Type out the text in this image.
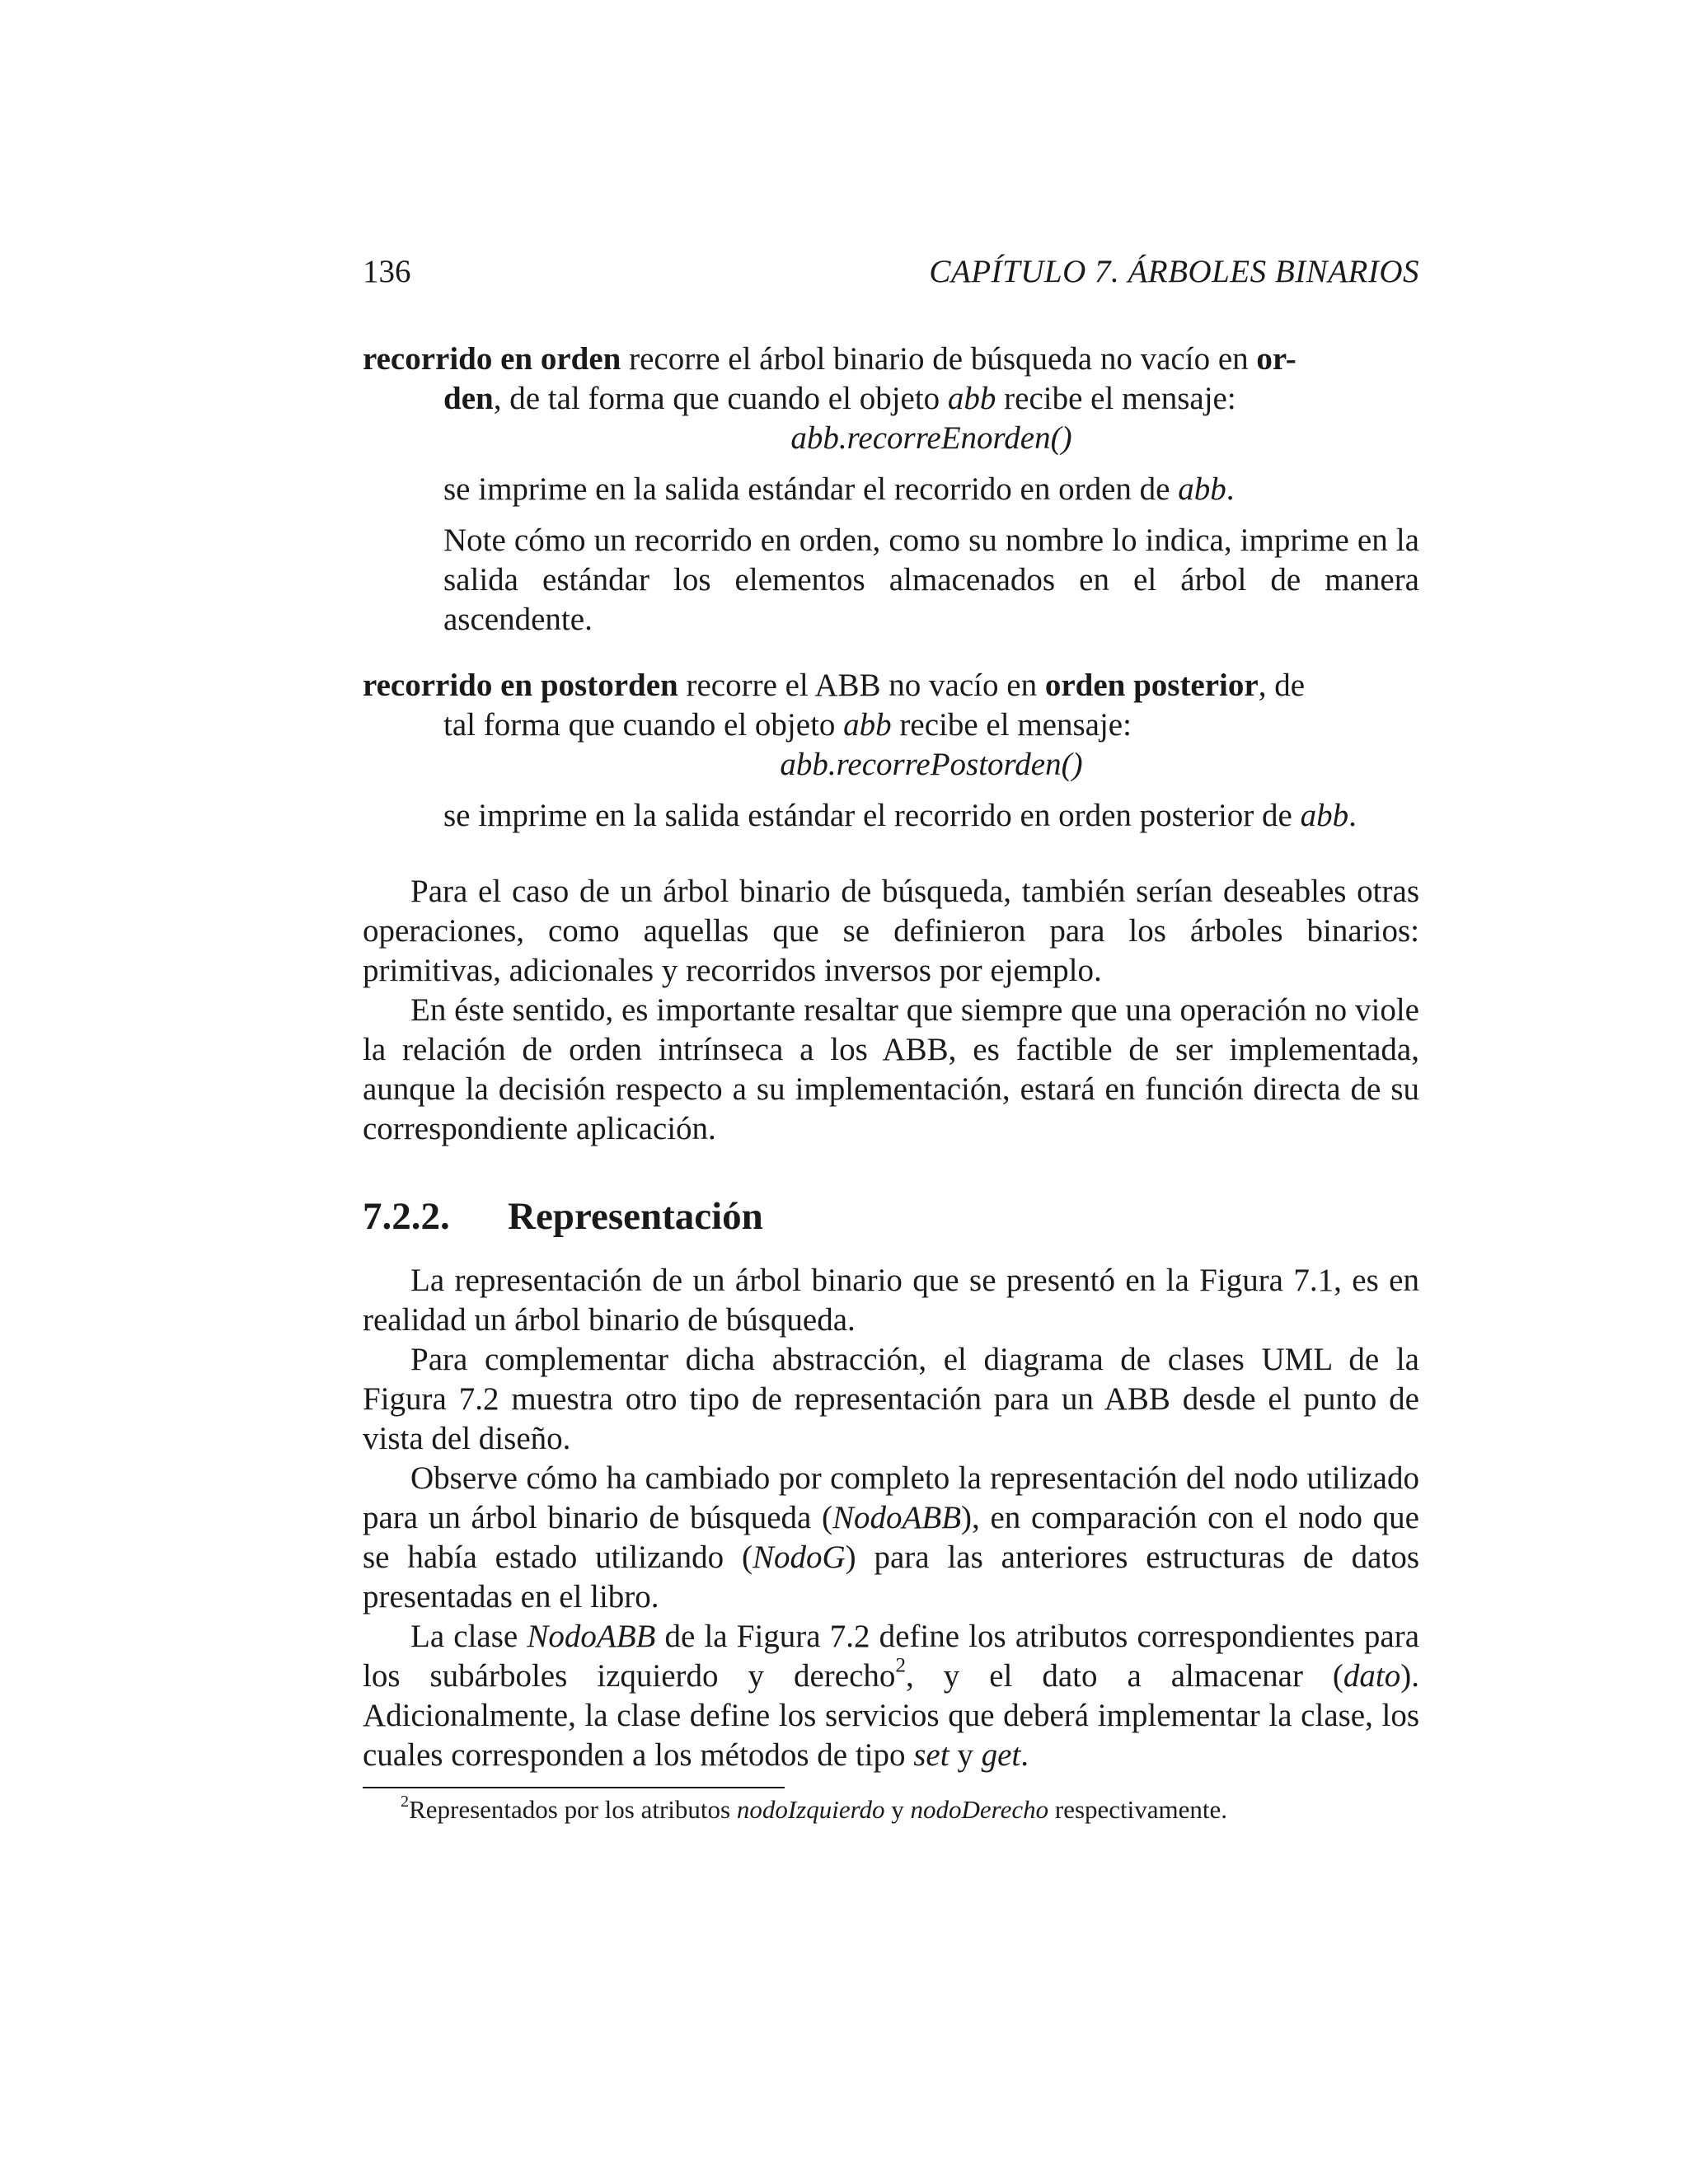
136	CAPÍTULO 7. ÁRBOLES BINARIOS

recorrido en orden recorre el árbol binario de búsqueda no vacío en or-

den, de tal forma que cuando el objeto abb recibe el mensaje:

abb.recorreEnorden()

se imprime en la salida estándar el recorrido en orden de abb.

Note cómo un recorrido en orden, como su nombre lo indica, imprime en la salida estándar los elementos almacenados en el árbol de manera ascendente.

recorrido en postorden recorre el ABB no vacío en orden posterior, de

tal forma que cuando el objeto abb recibe el mensaje:

abb.recorrePostorden()

se imprime en la salida estándar el recorrido en orden posterior de abb.

Para el caso de un árbol binario de búsqueda, también serían deseables otras operaciones, como aquellas que se definieron para los árboles binarios: primitivas, adicionales y recorridos inversos por ejemplo.

En éste sentido, es importante resaltar que siempre que una operación no viole la relación de orden intrínseca a los ABB, es factible de ser implementada, aunque la decisión respecto a su implementación, estará en función directa de su correspondiente aplicación.

7.2.2. Representación

La representación de un árbol binario que se presentó en la Figura 7.1, es en realidad un árbol binario de búsqueda.

Para complementar dicha abstracción, el diagrama de clases UML de la Figura 7.2 muestra otro tipo de representación para un ABB desde el punto de vista del diseño.

Observe cómo ha cambiado por completo la representación del nodo utilizado para un árbol binario de búsqueda (NodoABB), en comparación con el nodo que se había estado utilizando (NodoG) para las anteriores estructuras de datos presentadas en el libro.

La clase NodoABB de la Figura 7.2 define los atributos correspondientes para los subárboles izquierdo y derecho$^2$, y el dato a almacenar (dato). Adicionalmente, la clase define los servicios que deberá implementar la clase, los cuales corresponden a los métodos de tipo set y get.

$^2$Representados por los atributos nodoIzquierdo y nodoDerecho respectivamente.
